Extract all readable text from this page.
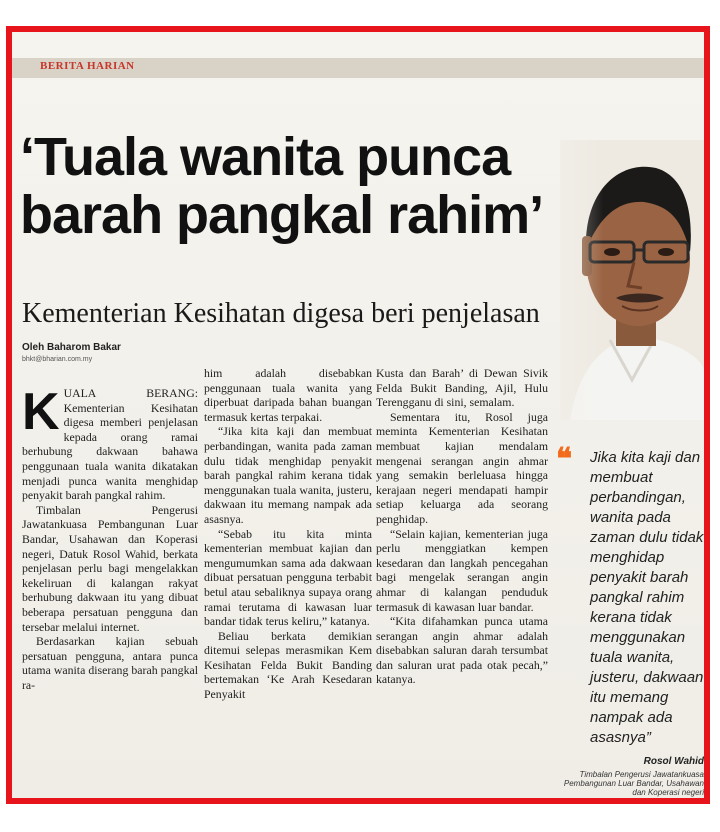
BERITA HARIAN
‘Tuala wanita punca barah pangkal rahim’
Kementerian Kesihatan digesa beri penjelasan
Oleh Baharom Bakar
bhkt@bharian.com.my
K UALA BERANG: Kementerian Kesihatan digesa memberi penjelasan kepada orang ramai berhubung dakwaan bahawa penggunaan tuala wanita dikatakan menjadi punca wanita menghidap penyakit barah pangkal rahim.

Timbalan Pengerusi Jawatankuasa Pembangunan Luar Bandar, Usahawan dan Koperasi negeri, Datuk Rosol Wahid, berkata penjelasan perlu bagi mengelakkan kekeliruan di kalangan rakyat berhubung dakwaan itu yang dibuat beberapa persatuan pengguna dan tersebar melalui internet.

Berdasarkan kajian sebuah persatuan pengguna, antara punca utama wanita diserang barah pangkal ra-

him adalah disebabkan penggunaan tuala wanita yang diperbuat daripada bahan buangan termasuk kertas terpakai.

“Jika kita kaji dan membuat perbandingan, wanita pada zaman dulu tidak menghidap penyakit barah pangkal rahim kerana tidak menggunakan tuala wanita, justeru, dakwaan itu memang nampak ada asasnya.

“Sebab itu kita minta kementerian membuat kajian dan mengumumkan sama ada dakwaan dibuat persatuan pengguna terbabit betul atau sebaliknya supaya orang ramai terutama di kawasan luar bandar tidak terus keliru,” katanya.

Beliau berkata demikian ditemui selepas merasmikan Kem Kesihatan Felda Bukit Banding bertemakan ‘Ke Arah Kesedaran Penyakit

Kusta dan Barah’ di Dewan Sivik Felda Bukit Banding, Ajil, Hulu Terengganu di sini, semalam.

Sementara itu, Rosol juga meminta Kementerian Kesihatan membuat kajian mendalam mengenai serangan angin ahmar yang semakin berleluasa hingga kerajaan negeri mendapati hampir setiap keluarga ada seorang penghidap.

“Selain kajian, kementerian juga perlu menggiatkan kempen kesedaran dan langkah pencegahan bagi mengelak serangan angin ahmar di kalangan penduduk termasuk di kawasan luar bandar.

“Kita difahamkan punca utama serangan angin ahmar adalah disebabkan saluran darah tersumbat dan saluran urat pada otak pecah,” katanya.

❝ Jika kita kaji dan membuat perbandingan, wanita pada zaman dulu tidak menghidap penyakit barah pangkal rahim kerana tidak menggunakan tuala wanita, justeru, dakwaan itu memang nampak ada asasnya”
Rosol Wahid
Timbalan Pengerusi Jawatankuasa Pembangunan Luar Bandar, Usahawan dan Koperasi negeri
